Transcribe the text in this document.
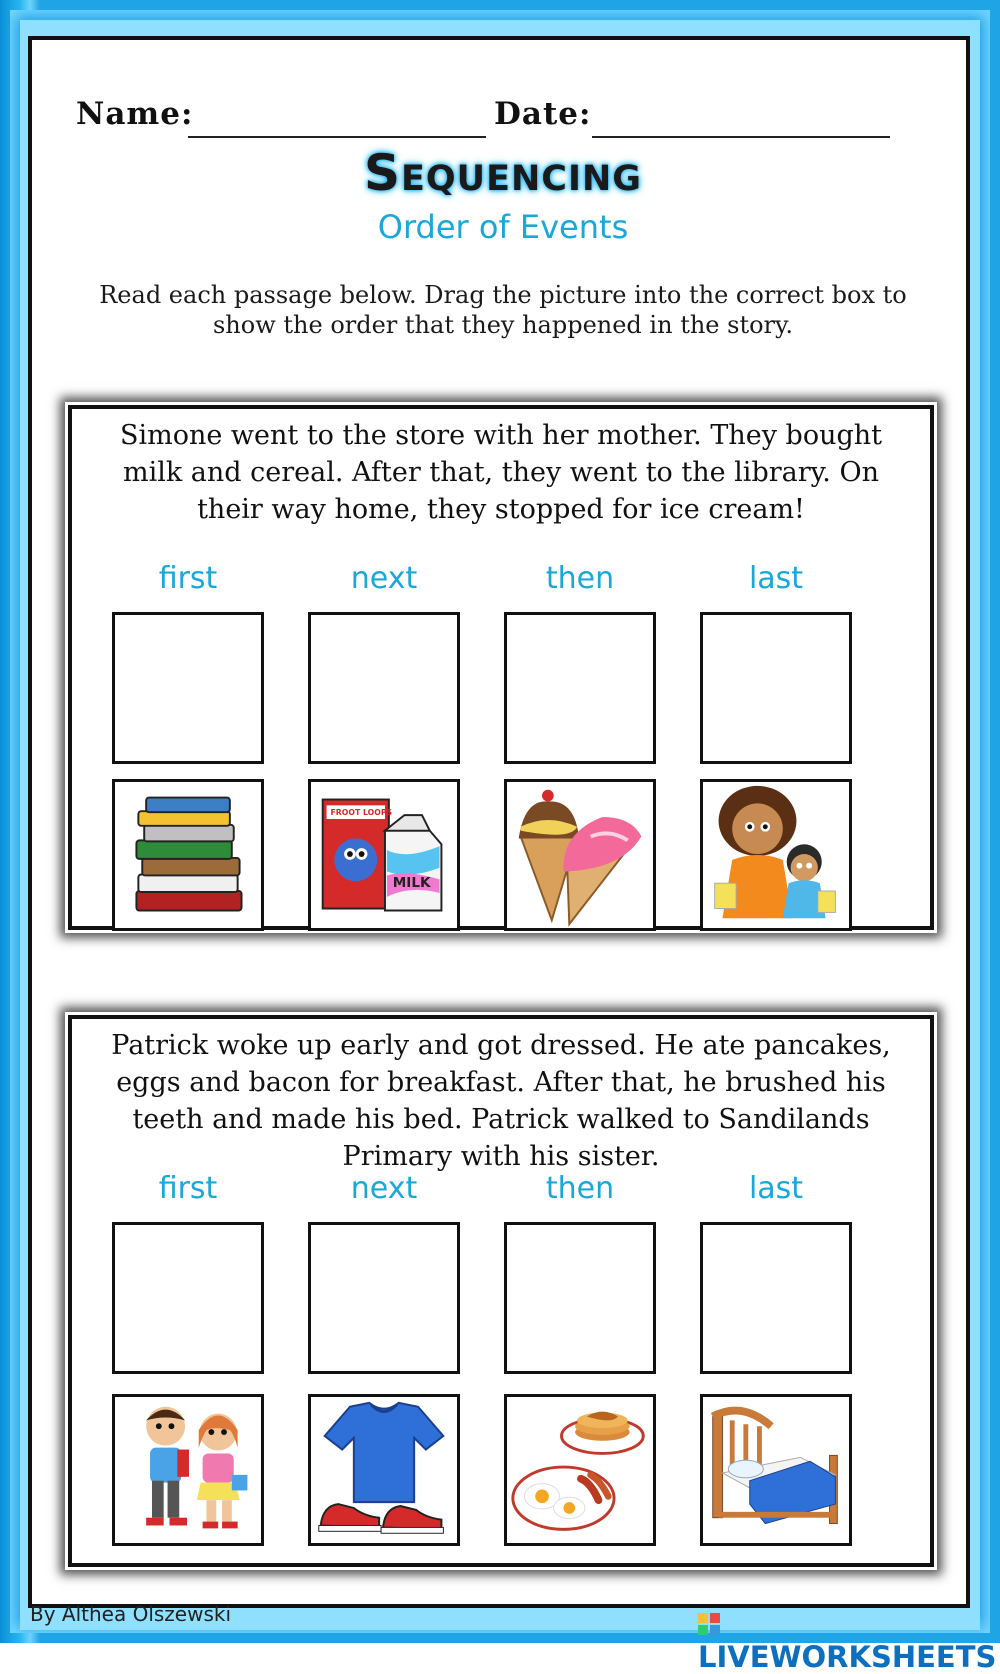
Name:	Date:
Sequencing
Order of Events
Read each passage below. Drag the picture into the correct box to show the order that they happened in the story.
Simone went to the store with her mother. They bought milk and cereal. After that, they went to the library. On their way home, they stopped for ice cream!
first	next	then	last
MILK
FROOT LOOPS
Patrick woke up early and got dressed. He ate pancakes, eggs and bacon for breakfast. After that, he brushed his teeth and made his bed. Patrick walked to Sandilands Primary with his sister.
first	next	then	last
By Althea Olszewski
LIVEWORKSHEETS
